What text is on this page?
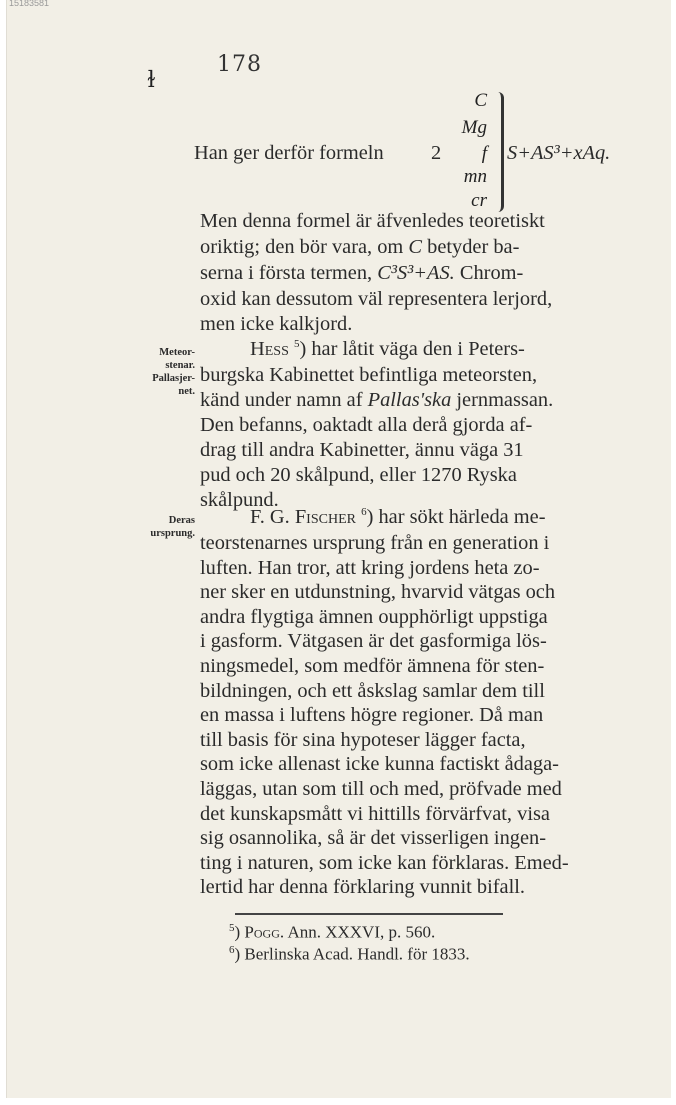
15183581
ɫ
178
Han ger derför formeln 2
C
Mg
f
mn
cr
S+AS³+xAq.
Men denna formel är äfvenledes teoretiskt
oriktig; den bör vara, om C betyder ba-
serna i första termen, C³S³+AS. Chrom-
oxid kan dessutom väl representera lerjord,
men icke kalkjord.
Meteor-
stenar.
Pallasjer-
net.
Hess $^5$) har låtit väga den i Peters-
burgska Kabinettet befintliga meteorsten,
känd under namn af Pallas'ska jernmassan.
Den befanns, oaktadt alla derå gjorda af-
drag till andra Kabinetter, ännu väga 31
pud och 20 skålpund, eller 1270 Ryska
skålpund.
Deras
ursprung.
F. G. Fischer $^6$) har sökt härleda me-
teorstenarnes ursprung från en generation i
luften. Han tror, att kring jordens heta zo-
ner sker en utdunstning, hvarvid vätgas och
andra flygtiga ämnen oupphörligt uppstiga
i gasform. Vätgasen är det gasformiga lös-
ningsmedel, som medför ämnena för sten-
bildningen, och ett åskslag samlar dem till
en massa i luftens högre regioner. Då man
till basis för sina hypoteser lägger facta,
som icke allenast icke kunna factiskt ådaga-
läggas, utan som till och med, pröfvade med
det kunskapsmått vi hittills förvärfvat, visa
sig osannolika, så är det visserligen ingen-
ting i naturen, som icke kan förklaras. Emed-
lertid har denna förklaring vunnit bifall.
$^5$) Pogg. Ann. XXXVI, p. 560.
$^6$) Berlinska Acad. Handl. för 1833.
